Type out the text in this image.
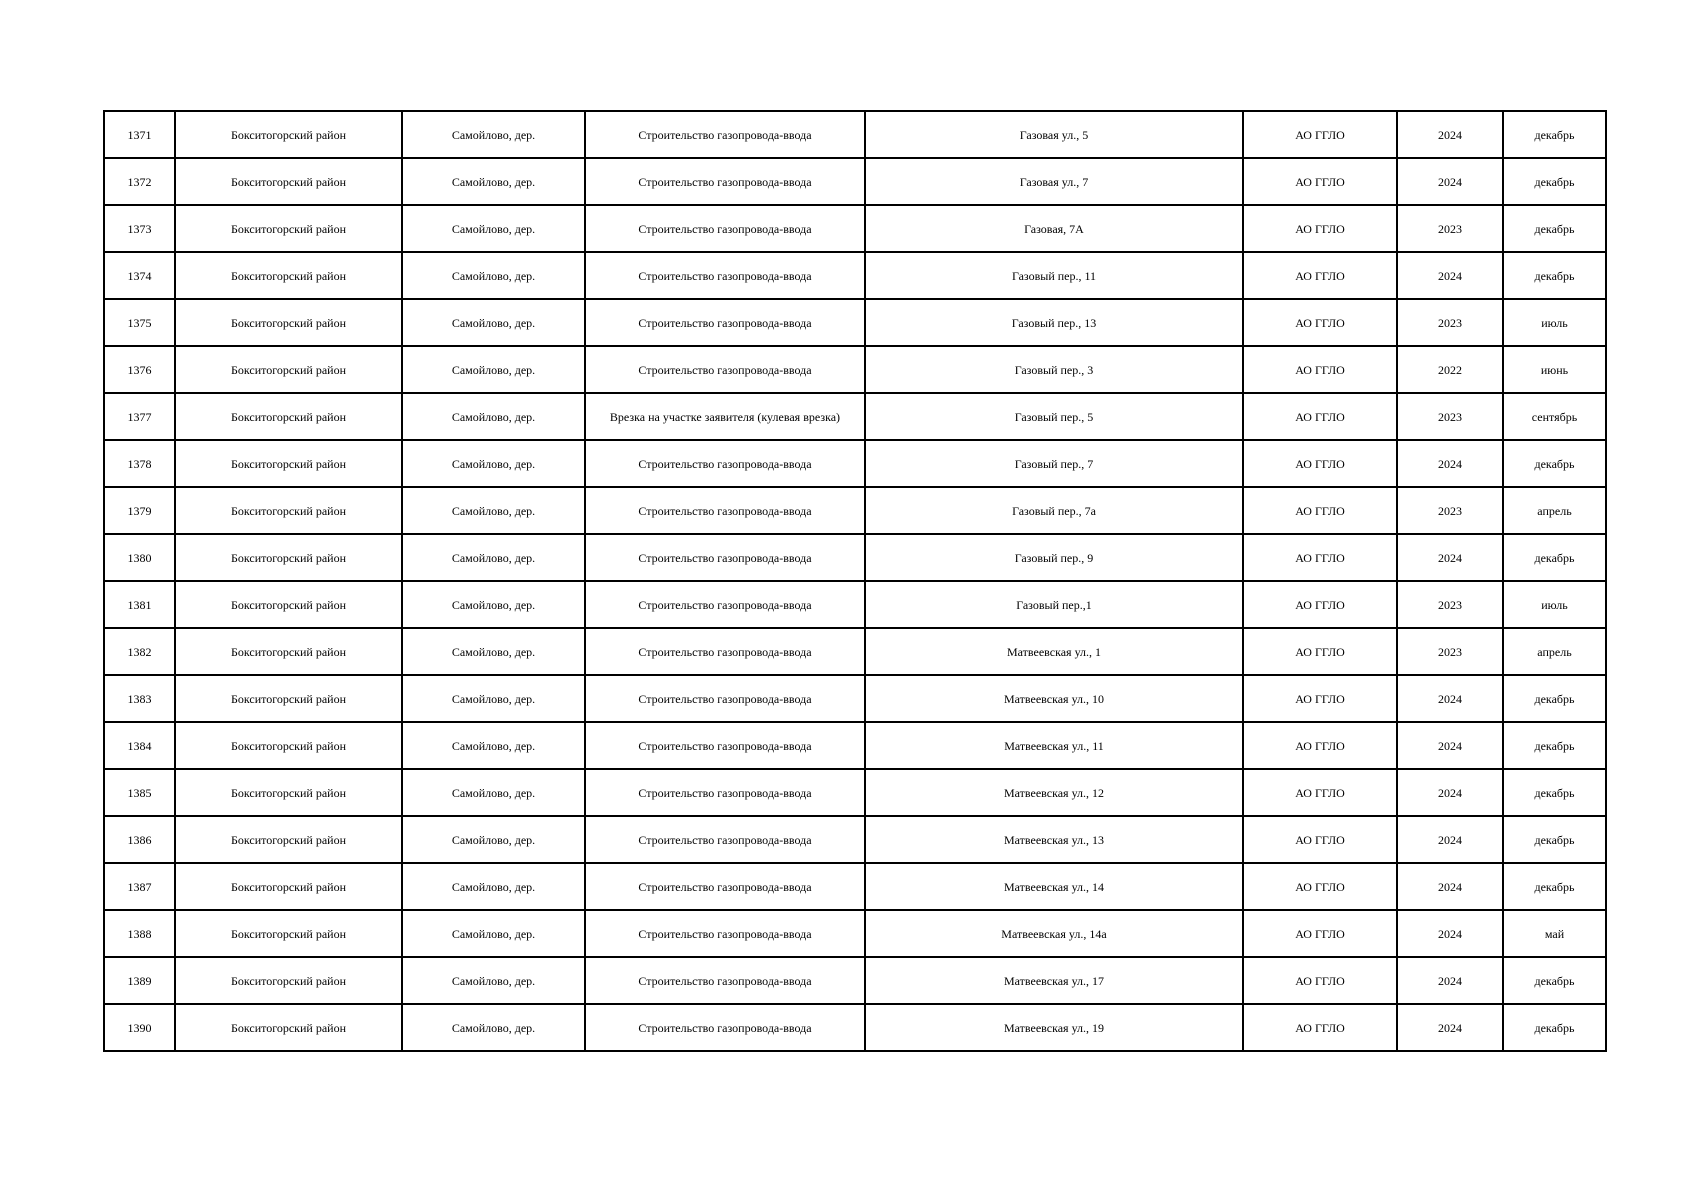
1371	Бокситогорский район	Самойлово, дер.	Строительство газопровода-ввода	Газовая ул., 5	АО ГГЛО	2024	декабрь
1372	Бокситогорский район	Самойлово, дер.	Строительство газопровода-ввода	Газовая ул., 7	АО ГГЛО	2024	декабрь
1373	Бокситогорский район	Самойлово, дер.	Строительство газопровода-ввода	Газовая, 7А	АО ГГЛО	2023	декабрь
1374	Бокситогорский район	Самойлово, дер.	Строительство газопровода-ввода	Газовый пер., 11	АО ГГЛО	2024	декабрь
1375	Бокситогорский район	Самойлово, дер.	Строительство газопровода-ввода	Газовый пер., 13	АО ГГЛО	2023	июль
1376	Бокситогорский район	Самойлово, дер.	Строительство газопровода-ввода	Газовый пер., 3	АО ГГЛО	2022	июнь
1377	Бокситогорский район	Самойлово, дер.	Врезка на участке заявителя (кулевая врезка)	Газовый пер., 5	АО ГГЛО	2023	сентябрь
1378	Бокситогорский район	Самойлово, дер.	Строительство газопровода-ввода	Газовый пер., 7	АО ГГЛО	2024	декабрь
1379	Бокситогорский район	Самойлово, дер.	Строительство газопровода-ввода	Газовый пер., 7а	АО ГГЛО	2023	апрель
1380	Бокситогорский район	Самойлово, дер.	Строительство газопровода-ввода	Газовый пер., 9	АО ГГЛО	2024	декабрь
1381	Бокситогорский район	Самойлово, дер.	Строительство газопровода-ввода	Газовый пер.,1	АО ГГЛО	2023	июль
1382	Бокситогорский район	Самойлово, дер.	Строительство газопровода-ввода	Матвеевская ул., 1	АО ГГЛО	2023	апрель
1383	Бокситогорский район	Самойлово, дер.	Строительство газопровода-ввода	Матвеевская ул., 10	АО ГГЛО	2024	декабрь
1384	Бокситогорский район	Самойлово, дер.	Строительство газопровода-ввода	Матвеевская ул., 11	АО ГГЛО	2024	декабрь
1385	Бокситогорский район	Самойлово, дер.	Строительство газопровода-ввода	Матвеевская ул., 12	АО ГГЛО	2024	декабрь
1386	Бокситогорский район	Самойлово, дер.	Строительство газопровода-ввода	Матвеевская ул., 13	АО ГГЛО	2024	декабрь
1387	Бокситогорский район	Самойлово, дер.	Строительство газопровода-ввода	Матвеевская ул., 14	АО ГГЛО	2024	декабрь
1388	Бокситогорский район	Самойлово, дер.	Строительство газопровода-ввода	Матвеевская ул., 14а	АО ГГЛО	2024	май
1389	Бокситогорский район	Самойлово, дер.	Строительство газопровода-ввода	Матвеевская ул., 17	АО ГГЛО	2024	декабрь
1390	Бокситогорский район	Самойлово, дер.	Строительство газопровода-ввода	Матвеевская ул., 19	АО ГГЛО	2024	декабрь
